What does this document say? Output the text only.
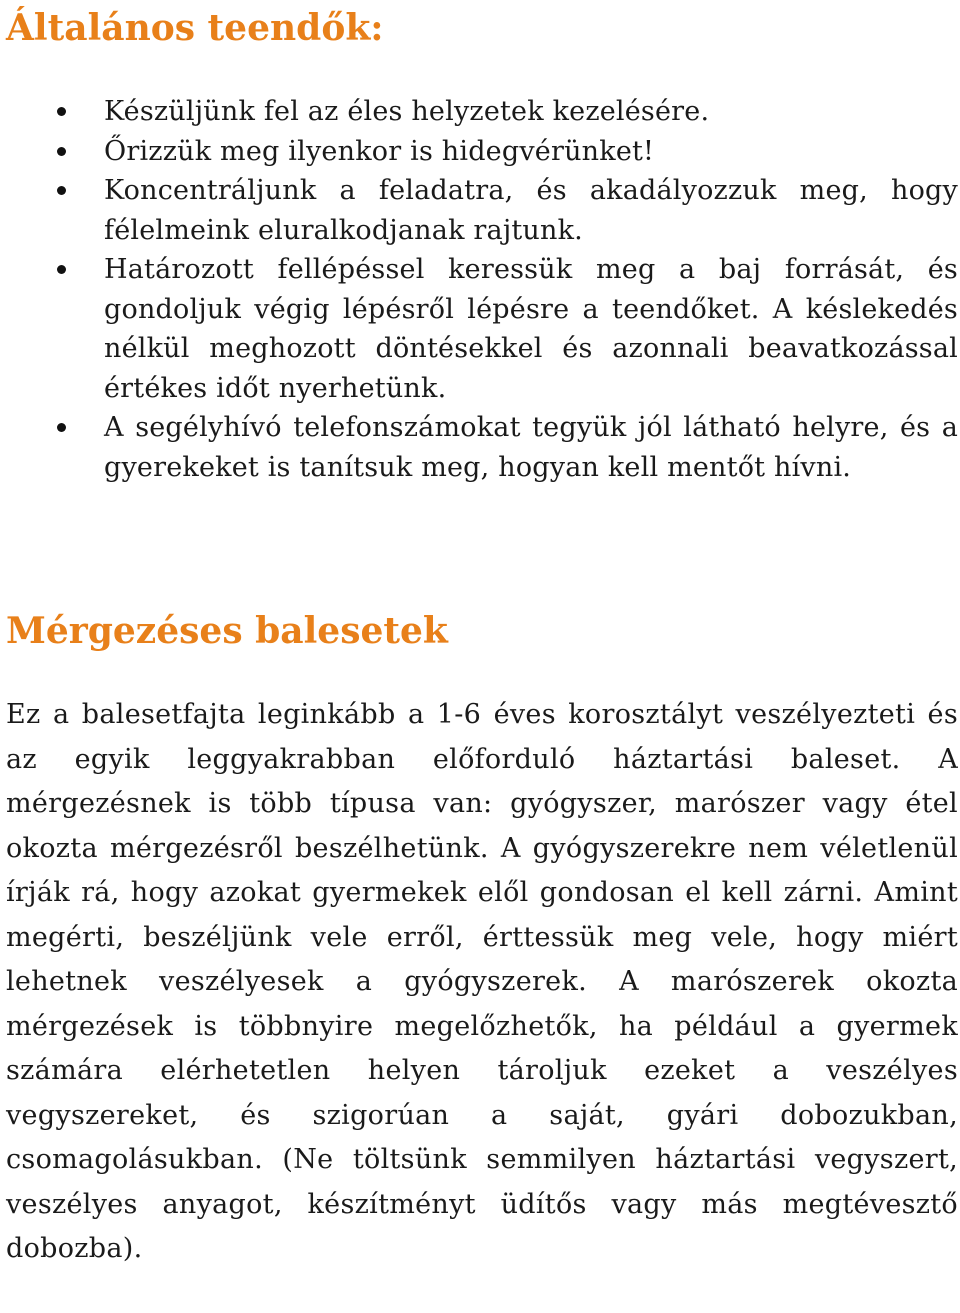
Általános teendők:
Készüljünk fel az éles helyzetek kezelésére.
Őrizzük meg ilyenkor is hidegvérünket!
Koncentráljunk a feladatra, és akadályozzuk meg, hogy félelmeink eluralkodjanak rajtunk.
Határozott fellépéssel keressük meg a baj forrását, és gondoljuk végig lépésről lépésre a teendőket. A késlekedés nélkül meghozott döntésekkel és azonnali beavatkozással értékes időt nyerhetünk.
A segélyhívó telefonszámokat tegyük jól látható helyre, és a gyerekeket is tanítsuk meg, hogyan kell mentőt hívni.
Mérgezéses balesetek

Ez a balesetfajta leginkább a 1-6 éves korosztályt veszélyezteti és az egyik leggyakrabban előforduló háztartási baleset. A mérgezésnek is több típusa van: gyógyszer, marószer vagy étel okozta mérgezésről beszélhetünk. A gyógyszerekre nem véletlenül írják rá, hogy azokat gyermekek elől gondosan el kell zárni. Amint megérti, beszéljünk vele erről, érttessük meg vele, hogy miért lehetnek veszélyesek a gyógyszerek. A marószerek okozta mérgezések is többnyire megelőzhetők, ha például a gyermek számára elérhetetlen helyen tároljuk ezeket a veszélyes vegyszereket, és szigorúan a saját, gyári dobozukban, csomagolásukban. (Ne töltsünk semmilyen háztartási vegyszert, veszélyes anyagot, készítményt üdítős vagy más megtévesztő dobozba).
